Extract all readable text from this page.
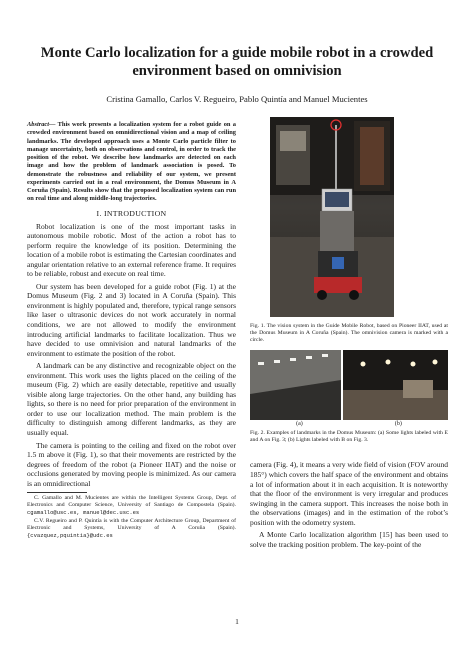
Monte Carlo localization for a guide mobile robot in a crowded environment based on omnivision
Cristina Gamallo, Carlos V. Regueiro, Pablo Quintía and Manuel Mucientes

Abstract— This work presents a localization system for a robot guide on a crowded environment based on omnidirectional vision and a map of ceiling landmarks. The developed approach uses a Monte Carlo particle filter to manage uncertainty, both on observations and control, in order to track the position of the robot. We describe how landmarks are detected on each image and how the problem of landmark association is posed. To demonstrate the robustness and reliability of our system, we present experiments carried out in a real environment, the Domus Museum in A Coruña (Spain). Results show that the proposed localization system can run on real time and along middle-long trajectories.

I. INTRODUCTION

Robot localization is one of the most important tasks in autonomous mobile robotic. Most of the action a robot has to perform require the knowledge of its position. Determining the location of a mobile robot is estimating the Cartesian coordinates and angular orientation relative to an external reference frame. It requires to be reliable, robust and execute on real time.

Our system has been developed for a guide robot (Fig. 1) at the Domus Museum (Fig. 2 and 3) located in A Coruña (Spain). This environment is highly populated and, therefore, typical range sensors like laser o ultrasonic devices do not work accurately in normal conditions, we are not allowed to modify the environment introducing artificial landmarks to facilitate localization. Thus we have decided to use omnivision and natural landmarks of the environment to estimate the position of the robot.

A landmark can be any distinctive and recognizable object on the environment. This work uses the lights placed on the ceiling of the museum (Fig. 2) which are easily detectable, repetitive and usually visible along large trajectories. On the other hand, any building has lights, so there is no need for prior preparation of the environment in order to use our localization method. The main problem is the difficulty to distinguish among different landmarks, as they are usually equal.

The camera is pointing to the ceiling and fixed on the robot over 1.5 m above it (Fig. 1), so that their movements are restricted by the degrees of freedom of the robot (a Pioneer IIAT) and the noise or occlusions generated by moving people is minimized. As our camera is an omnidirectional

C. Gamallo and M. Mucientes are within the Intelligent Systems Group, Dept. of Electronics and Computer Science, University of Santiago de Compostela (Spain). cgamallo@usc.es, manuel@dec.usc.es

C.V. Regueiro and P. Quintía is with the Computer Architecture Group, Department of Electronic and Systems, University of A Coruña (Spain). {cvazquez,pquintia}@udc.es

Fig. 1. The vision system in the Guide Mobile Robot, based on Pioneer IIAT, used at the Domus Museum in A Coruña (Spain). The omnivision camera is marked with a circle.

(a)	(b)

Fig. 2. Examples of landmarks in the Domus Museum: (a) Some lights labeled with E and A on Fig. 3; (b) Lights labeled with B on Fig. 3.

camera (Fig. 4), it means a very wide field of vision (FOV around 185°) which covers the half space of the environment and obtains a lot of information about it in each acquisition. It is noteworthy that the floor of the environment is very irregular and produces swinging in the camera support. This increases the noise both in the observations (images) and in the estimation of the robot’s position with the odometry system.

A Monte Carlo localization algorithm [15] has been used to solve the tracking position problem. The key-point of the

1
